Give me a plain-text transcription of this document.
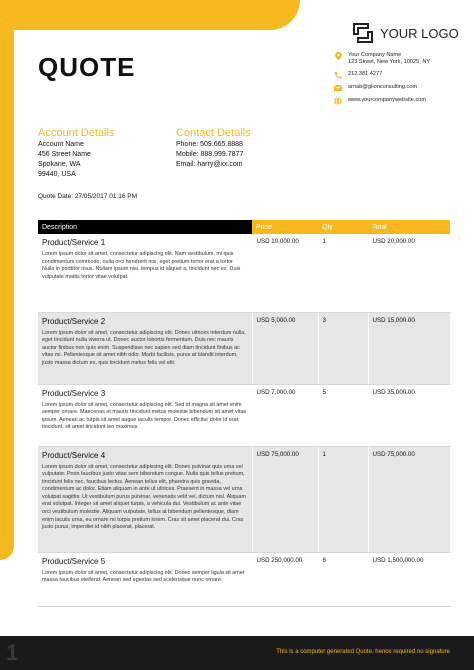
QUOTE
YOUR LOGO
Your Company Name
123 Street, New York, 10025, NY
212.381.4277
arnab@glionconsulting.com
www.yourcompanywebsite.com
Account Details
Account Name
456 Street Name
Spokane, WA
99440, USA
Contact Details
Phone: 509.665.8888
Mobile: 888.999.7877
Email: harry@xx.com
Quote Date: 27/05/2017 01:16 PM
Description	Price	Qty	Total

Product/Service 1
Lorem ipsum dolor sit amet, consectetur adipiscing elit. Nam vestibulum, mi quis condimentum commodo, nulla orci hendrerit nisi, eget pretium tortor erat a tortor. Nulla in porttitor risus. Nullam ipsum nisi, tempus id aliquet a, tincidunt nec ex. Duis vulputate mattis tortor vitae volutpat.	USD 10,000.00	1	USD 20,000.00

Product/Service 2
Lorem ipsum dolor sit amet, consectetur adipiscing elit. Donec ultrices interdum nulla, eget tincidunt nulla viverra ut. Donec auctor lobortis fermentum. Duis nec mauris auctor finibus non quis enim. Suspendisse nec sapien sed diam tincidunt finibus ac vitae mi. Pellentesque sit amet nibh odio. Morbi facilisis, purus at blandit interdum, justo massa dictum ex, quis tincidunt metus felis vel elit.	USD 5,000.00	3	USD 15,000.00

Product/Service 3
Lorem ipsum dolor sit amet, consectetur adipiscing elit. Sed id magna sit amet enim semper ornare. Maecenas et mauris tincidunt metus molestie bibendum sit amet vitae ipsum. Aenean ac turpis sit amet augue iaculis tempor. Donec efficitur dolor id erat tincidunt, sit amet tincidunt leo maximus.	USD 7,000.00	5	USD 35,000.00

Product/Service 4
Lorem ipsum dolor sit amet, consectetur adipiscing elit. Donec pulvinar quis urna vel vulputate. Proin faucibus justo vitae sem bibendum congue. Nulla quis tellus pretium, tincidunt felis nec, faucibus lectus. Aenean tellus elit, pharetra quis gravida, condimentum ac dolor. Etiam aliquam in ante ut ultrices. Praesent in massa vel urna volutpat sagittis. Ut vestibulum purus pulvinar, venenatis velit vel, dictum nisl. Aliquam erat volutpat. Integer sit amet aliquet turpis, a vehicula dui. Vestibulum ac ante vitae orci vestibulum molestie. Aliquam vulputate, tellus at bibendum pellentesque, diam enim iaculis urna, eu ornare mi turpis pretium lorem. Cras sit amet placerat dui. Cras justo purus, imperdiet id nibh placerat, placerat.	USD 75,000.00	1	USD 75,000.00

Product/Service 5
Lorem ipsum dolor sit amet, consectetur adipiscing elit. Donec semper ligula sit amet massa faucibus eleifend. Aenean sed egestas sed scelerisque nunc ornare.	USD 250,000.00	6	USD 1,500,000.00
1	This is a computer generated Quote, hence required no signature
